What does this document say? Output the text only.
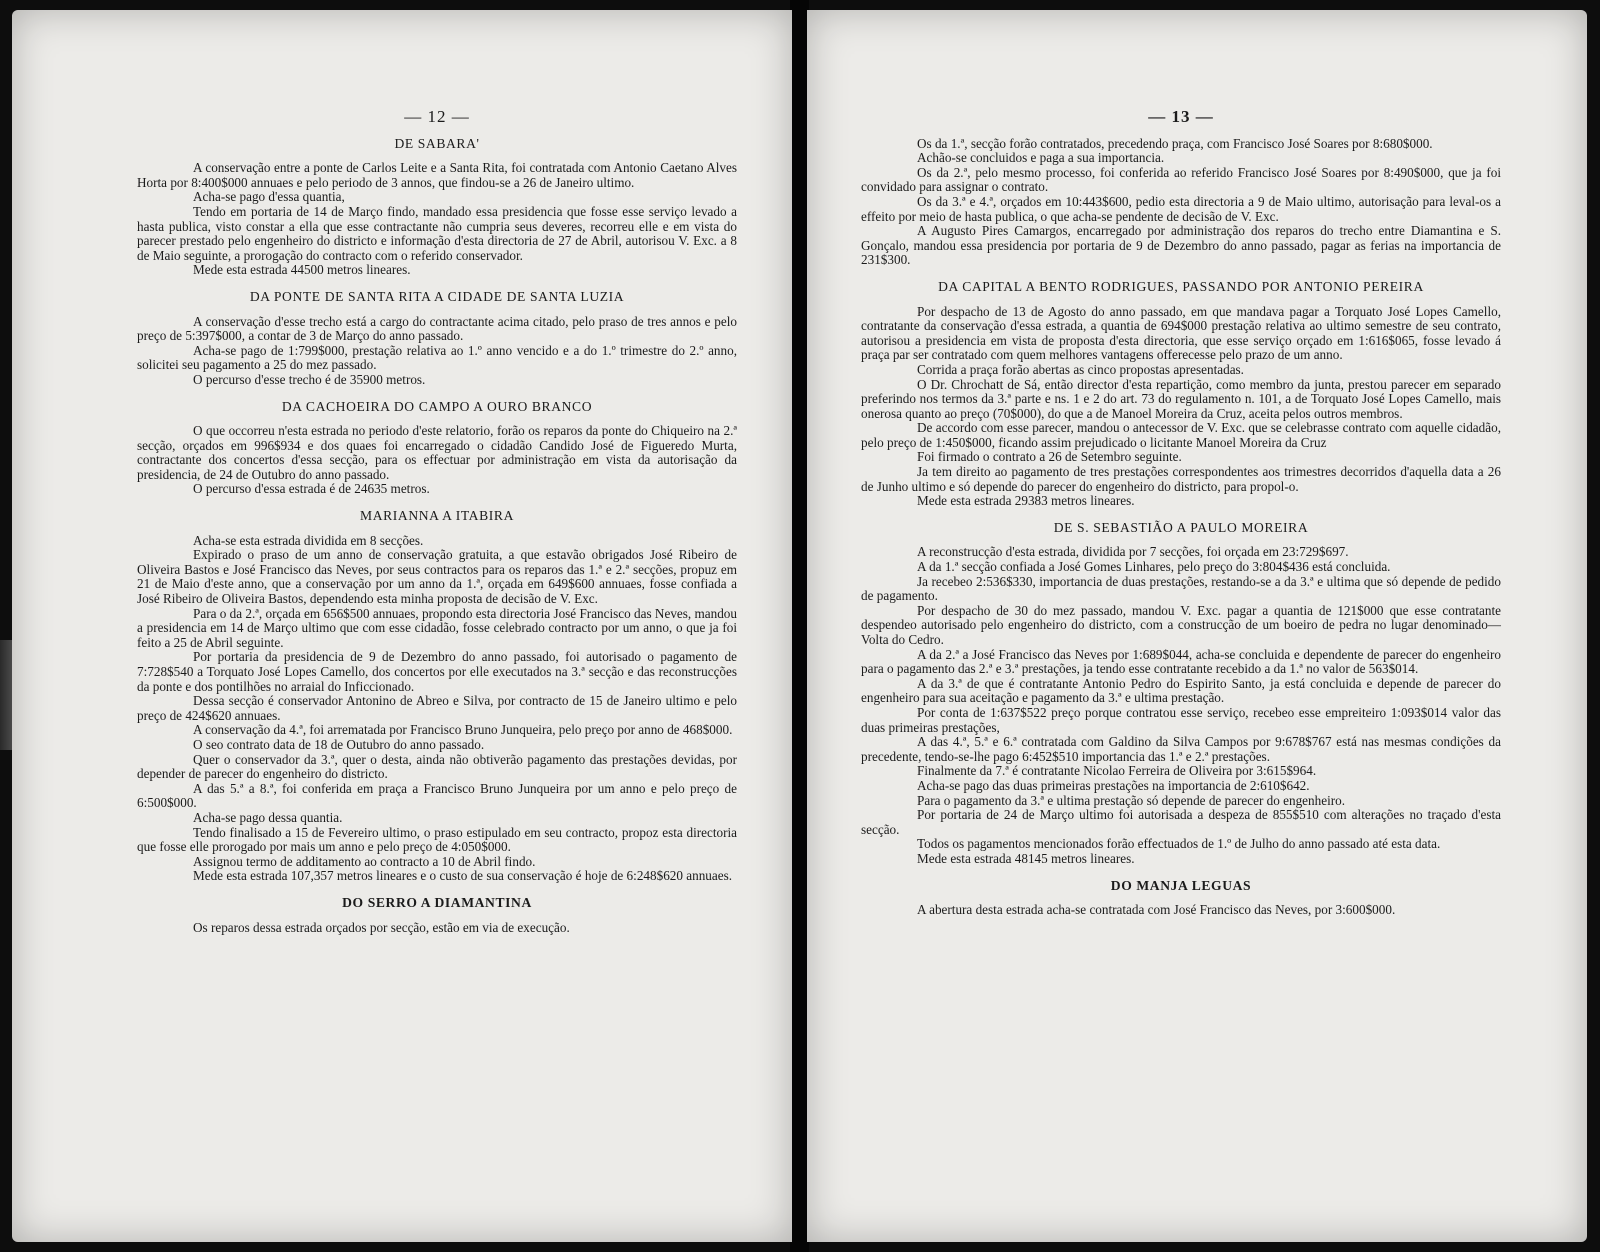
— 12 —
DE SABARA'

A conservação entre a ponte de Carlos Leite e a Santa Rita, foi contratada com Antonio Caetano Alves Horta por 8:400$000 annuaes e pelo periodo de 3 annos, que findou-se a 26 de Janeiro ultimo.

Acha-se pago d'essa quantia,

Tendo em portaria de 14 de Março findo, mandado essa presidencia que fosse esse serviço levado a hasta publica, visto constar a ella que esse contractante não cumpria seus deveres, recorreu elle e em vista do parecer prestado pelo engenheiro do districto e informação d'esta directoria de 27 de Abril, autorisou V. Exc. a 8 de Maio seguinte, a prorogação do contracto com o referido conservador.

Mede esta estrada 44500 metros lineares.

DA PONTE DE SANTA RITA A CIDADE DE SANTA LUZIA

A conservação d'esse trecho está a cargo do contractante acima citado, pelo praso de tres annos e pelo preço de 5:397$000, a contar de 3 de Março do anno passado.

Acha-se pago de 1:799$000, prestação relativa ao 1.º anno vencido e a do 1.º trimestre do 2.º anno, solicitei seu pagamento a 25 do mez passado.

O percurso d'esse trecho é de 35900 metros.

DA CACHOEIRA DO CAMPO A OURO BRANCO

O que occorreu n'esta estrada no periodo d'este relatorio, forão os reparos da ponte do Chiqueiro na 2.ª secção, orçados em 996$934 e dos quaes foi encarregado o cidadão Candido José de Figueredo Murta, contractante dos concertos d'essa secção, para os effectuar por administração em vista da autorisação da presidencia, de 24 de Outubro do anno passado.

O percurso d'essa estrada é de 24635 metros.

MARIANNA A ITABIRA

Acha-se esta estrada dividida em 8 secções.

Expirado o praso de um anno de conservação gratuita, a que estavão obrigados José Ribeiro de Oliveira Bastos e José Francisco das Neves, por seus contractos para os reparos das 1.ª e 2.ª secções, propuz em 21 de Maio d'este anno, que a conservação por um anno da 1.ª, orçada em 649$600 annuaes, fosse confiada a José Ribeiro de Oliveira Bastos, dependendo esta minha proposta de decisão de V. Exc.

Para o da 2.ª, orçada em 656$500 annuaes, propondo esta directoria José Francisco das Neves, mandou a presidencia em 14 de Março ultimo que com esse cidadão, fosse celebrado contracto por um anno, o que ja foi feito a 25 de Abril seguinte.

Por portaria da presidencia de 9 de Dezembro do anno passado, foi autorisado o pagamento de 7:728$540 a Torquato José Lopes Camello, dos concertos por elle executados na 3.ª secção e das reconstrucções da ponte e dos pontilhões no arraial do Inficcionado.

Dessa secção é conservador Antonino de Abreo e Silva, por contracto de 15 de Janeiro ultimo e pelo preço de 424$620 annuaes.

A conservação da 4.ª, foi arrematada por Francisco Bruno Junqueira, pelo preço por anno de 468$000.

O seo contrato data de 18 de Outubro do anno passado.

Quer o conservador da 3.ª, quer o desta, ainda não obtiverão pagamento das prestações devidas, por depender de parecer do engenheiro do districto.

A das 5.ª a 8.ª, foi conferida em praça a Francisco Bruno Junqueira por um anno e pelo preço de 6:500$000.

Acha-se pago dessa quantia.

Tendo finalisado a 15 de Fevereiro ultimo, o praso estipulado em seu contracto, propoz esta directoria que fosse elle prorogado por mais um anno e pelo preço de 4:050$000.

Assignou termo de additamento ao contracto a 10 de Abril findo.

Mede esta estrada 107,357 metros lineares e o custo de sua conservação é hoje de 6:248$620 annuaes.

DO SERRO A DIAMANTINA

Os reparos dessa estrada orçados por secção, estão em via de execução.

— 13 —

Os da 1.ª, secção forão contratados, precedendo praça, com Francisco José Soares por 8:680$000.

Achão-se concluidos e paga a sua importancia.

Os da 2.ª, pelo mesmo processo, foi conferida ao referido Francisco José Soares por 8:490$000, que ja foi convidado para assignar o contrato.

Os da 3.ª e 4.ª, orçados em 10:443$600, pedio esta directoria a 9 de Maio ultimo, autorisação para leval-os a effeito por meio de hasta publica, o que acha-se pendente de decisão de V. Exc.

A Augusto Pires Camargos, encarregado por administração dos reparos do trecho entre Diamantina e S. Gonçalo, mandou essa presidencia por portaria de 9 de Dezembro do anno passado, pagar as ferias na importancia de 231$300.

DA CAPITAL A BENTO RODRIGUES, PASSANDO POR ANTONIO PEREIRA

Por despacho de 13 de Agosto do anno passado, em que mandava pagar a Torquato José Lopes Camello, contratante da conservação d'essa estrada, a quantia de 694$000 prestação relativa ao ultimo semestre de seu contrato, autorisou a presidencia em vista de proposta d'esta directoria, que esse serviço orçado em 1:616$065, fosse levado á praça par ser contratado com quem melhores vantagens offerecesse pelo prazo de um anno.

Corrida a praça forão abertas as cinco propostas apresentadas.

O Dr. Chrochatt de Sá, então director d'esta repartição, como membro da junta, prestou parecer em separado preferindo nos termos da 3.ª parte e ns. 1 e 2 do art. 73 do regulamento n. 101, a de Torquato José Lopes Camello, mais onerosa quanto ao preço (70$000), do que a de Manoel Moreira da Cruz, aceita pelos outros membros.

De accordo com esse parecer, mandou o antecessor de V. Exc. que se celebrasse contrato com aquelle cidadão, pelo preço de 1:450$000, ficando assim prejudicado o licitante Manoel Moreira da Cruz

Foi firmado o contrato a 26 de Setembro seguinte.

Ja tem direito ao pagamento de tres prestações correspondentes aos trimestres decorridos d'aquella data a 26 de Junho ultimo e só depende do parecer do engenheiro do districto, para propol-o.

Mede esta estrada 29383 metros lineares.

DE S. SEBASTIÃO A PAULO MOREIRA

A reconstrucção d'esta estrada, dividida por 7 secções, foi orçada em 23:729$697.

A da 1.ª secção confiada a José Gomes Linhares, pelo preço do 3:804$436 está concluida.

Ja recebeo 2:536$330, importancia de duas prestações, restando-se a da 3.ª e ultima que só depende de pedido de pagamento.

Por despacho de 30 do mez passado, mandou V. Exc. pagar a quantia de 121$000 que esse contratante despendeo autorisado pelo engenheiro do districto, com a construcção de um boeiro de pedra no lugar denominado—Volta do Cedro.

A da 2.ª a José Francisco das Neves por 1:689$044, acha-se concluida e dependente de parecer do engenheiro para o pagamento das 2.ª e 3.ª prestações, ja tendo esse contratante recebido a da 1.ª no valor de 563$014.

A da 3.ª de que é contratante Antonio Pedro do Espirito Santo, ja está concluida e depende de parecer do engenheiro para sua aceitação e pagamento da 3.ª e ultima prestação.

Por conta de 1:637$522 preço porque contratou esse serviço, recebeo esse empreiteiro 1:093$014 valor das duas primeiras prestações,

A das 4.ª, 5.ª e 6.ª contratada com Galdino da Silva Campos por 9:678$767 está nas mesmas condições da precedente, tendo-se-lhe pago 6:452$510 importancia das 1.ª e 2.ª prestações.

Finalmente da 7.ª é contratante Nicolao Ferreira de Oliveira por 3:615$964.

Acha-se pago das duas primeiras prestações na importancia de 2:610$642.

Para o pagamento da 3.ª e ultima prestação só depende de parecer do engenheiro.

Por portaria de 24 de Março ultimo foi autorisada a despeza de 855$510 com alterações no traçado d'esta secção.

Todos os pagamentos mencionados forão effectuados de 1.º de Julho do anno passado até esta data.

Mede esta estrada 48145 metros lineares.

DO MANJA LEGUAS

A abertura desta estrada acha-se contratada com José Francisco das Neves, por 3:600$000.
